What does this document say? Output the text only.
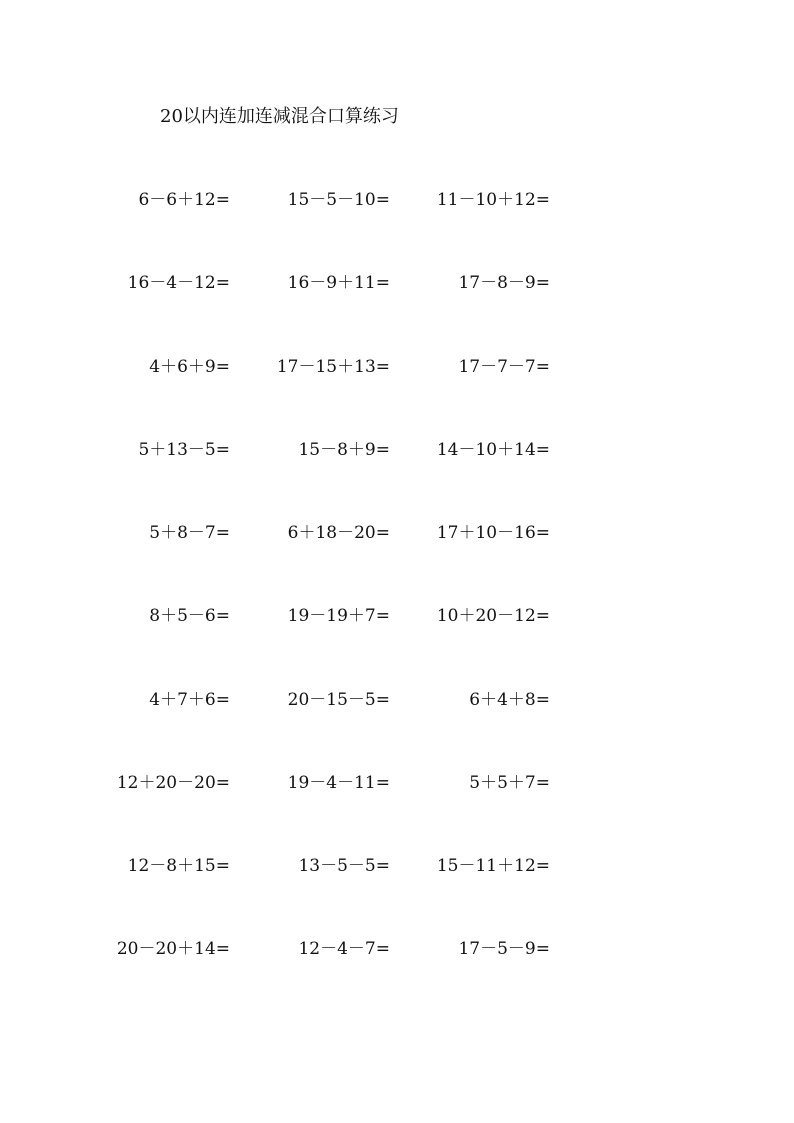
20以内连加连减混合口算练习
6－6＋12=	15－5－10=	11－10＋12=
16－4－12=	16－9＋11=	17－8－9=
4＋6＋9=	17－15＋13=	17－7－7=
5＋13－5=	15－8＋9=	14－10＋14=
5＋8－7=	6＋18－20=	17＋10－16=
8＋5－6=	19－19＋7=	10＋20－12=
4＋7＋6=	20－15－5=	6＋4＋8=
12＋20－20=	19－4－11=	5＋5＋7=
12－8＋15=	13－5－5=	15－11＋12=
20－20＋14=	12－4－7=	17－5－9=
